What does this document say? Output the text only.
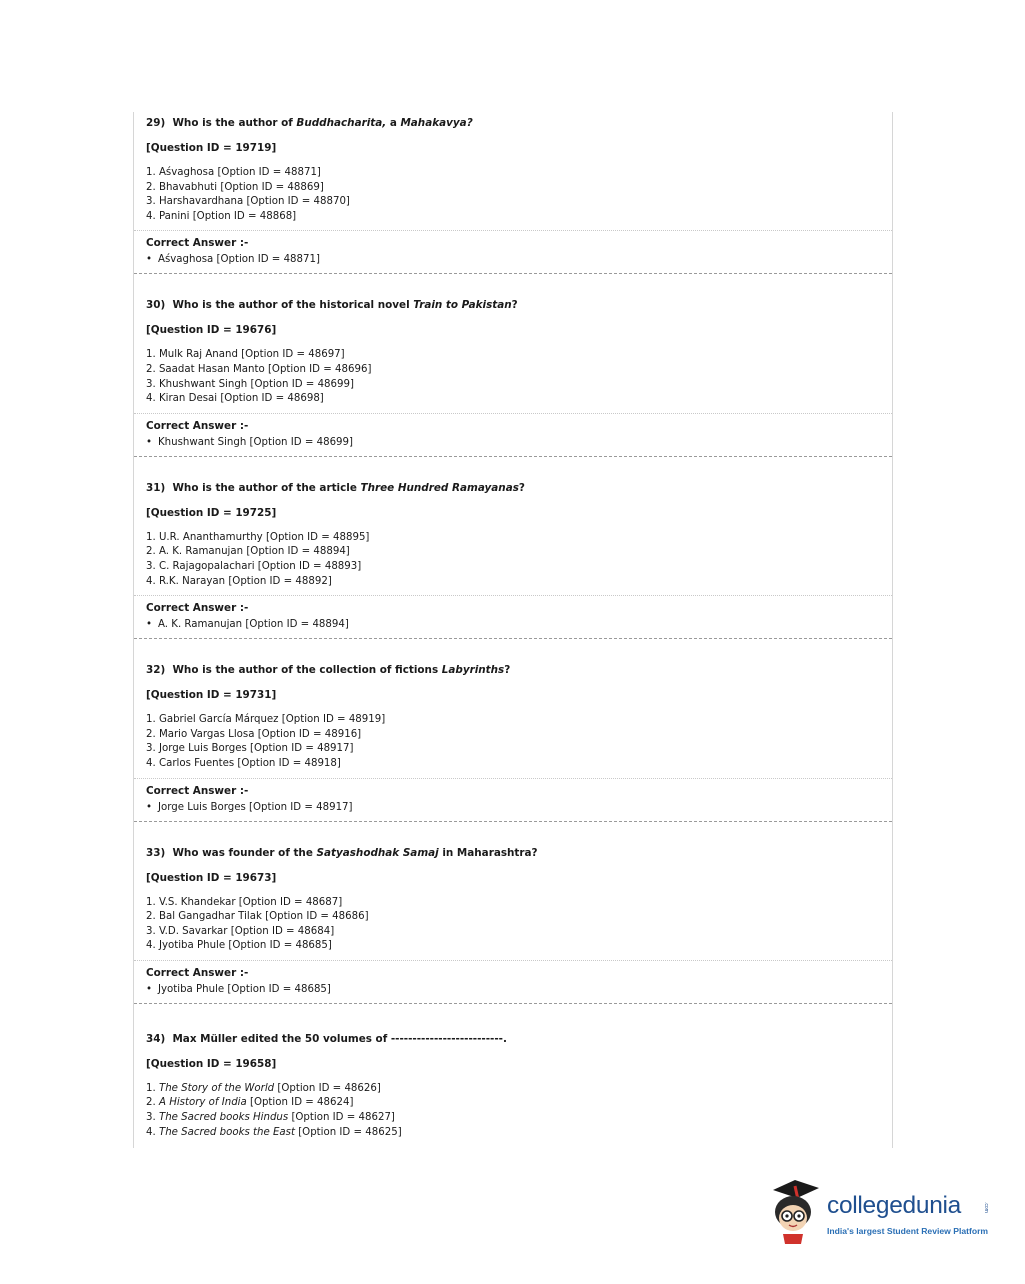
29) Who is the author of Buddhacharita, a Mahakavya?
[Question ID = 19719]
1. Aśvaghosa [Option ID = 48871]
2. Bhavabhuti [Option ID = 48869]
3. Harshavardhana [Option ID = 48870]
4. Panini [Option ID = 48868]
Correct Answer :-
• Aśvaghosa [Option ID = 48871]
30) Who is the author of the historical novel Train to Pakistan?
[Question ID = 19676]
1. Mulk Raj Anand [Option ID = 48697]
2. Saadat Hasan Manto [Option ID = 48696]
3. Khushwant Singh [Option ID = 48699]
4. Kiran Desai [Option ID = 48698]
Correct Answer :-
• Khushwant Singh [Option ID = 48699]
31) Who is the author of the article Three Hundred Ramayanas?
[Question ID = 19725]
1. U.R. Ananthamurthy [Option ID = 48895]
2. A. K. Ramanujan [Option ID = 48894]
3. C. Rajagopalachari [Option ID = 48893]
4. R.K. Narayan [Option ID = 48892]
Correct Answer :-
• A. K. Ramanujan [Option ID = 48894]
32) Who is the author of the collection of fictions Labyrinths?
[Question ID = 19731]
1. Gabriel García Márquez [Option ID = 48919]
2. Mario Vargas Llosa [Option ID = 48916]
3. Jorge Luis Borges [Option ID = 48917]
4. Carlos Fuentes [Option ID = 48918]
Correct Answer :-
• Jorge Luis Borges [Option ID = 48917]
33) Who was founder of the Satyashodhak Samaj in Maharashtra?
[Question ID = 19673]
1. V.S. Khandekar [Option ID = 48687]
2. Bal Gangadhar Tilak [Option ID = 48686]
3. V.D. Savarkar [Option ID = 48684]
4. Jyotiba Phule [Option ID = 48685]
Correct Answer :-
• Jyotiba Phule [Option ID = 48685]
34) Max Müller edited the 50 volumes of --------------------------.
[Question ID = 19658]
1. The Story of the World [Option ID = 48626]
2. A History of India [Option ID = 48624]
3. The Sacred books Hindus [Option ID = 48627]
4. The Sacred books the East [Option ID = 48625]
collegedunia	.com
India's largest Student Review Platform
